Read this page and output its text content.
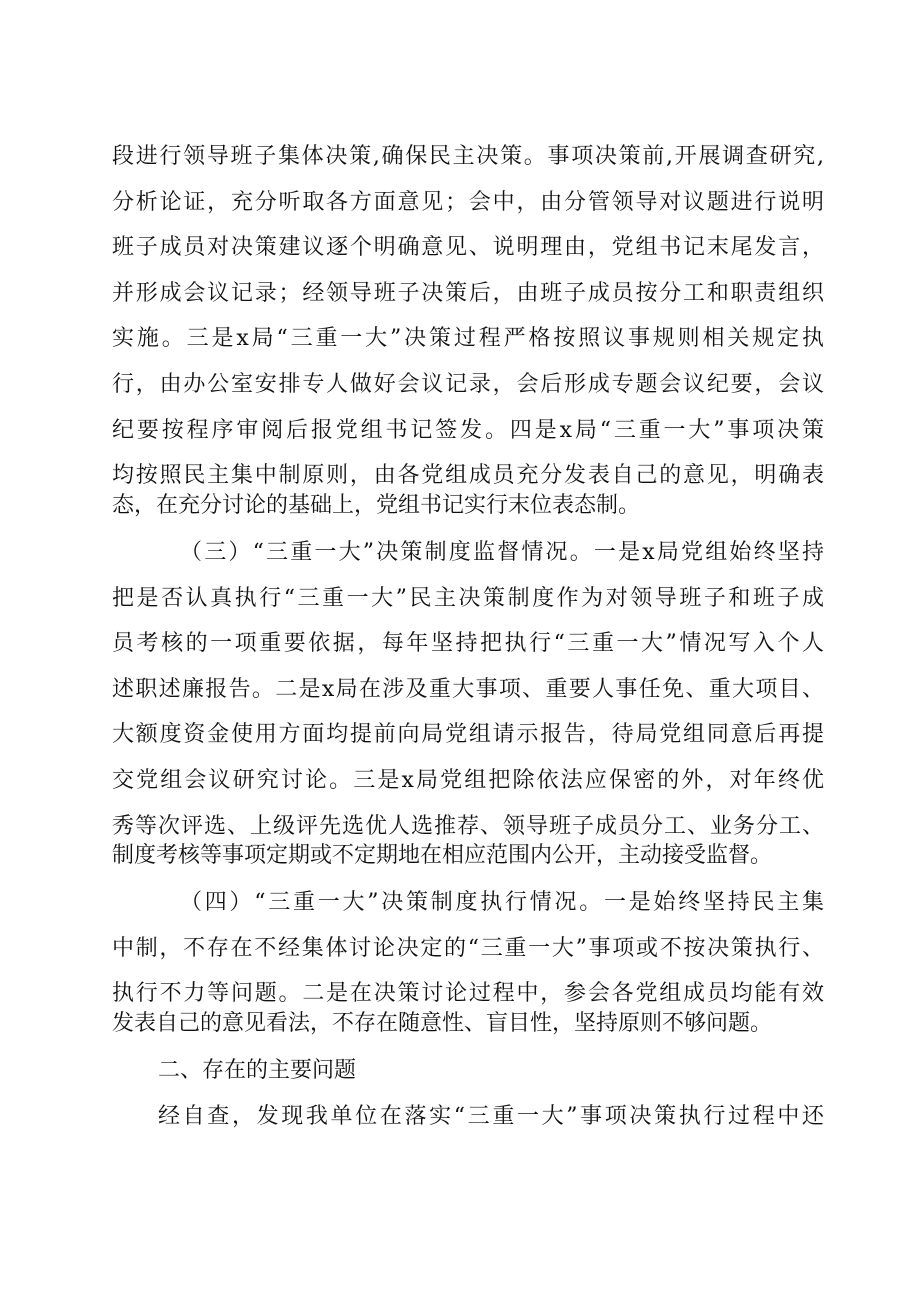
段进行领导班子集体决策,确保民主决策。事项决策前,开展调查研究,
分析论证，充分听取各方面意见；会中，由分管领导对议题进行说明
班子成员对决策建议逐个明确意见、说明理由，党组书记末尾发言，
并形成会议记录；经领导班子决策后，由班子成员按分工和职责组织
实施。三是x局“三重一大”决策过程严格按照议事规则相关规定执
行，由办公室安排专人做好会议记录，会后形成专题会议纪要，会议
纪要按程序审阅后报党组书记签发。四是x局“三重一大”事项决策
均按照民主集中制原则，由各党组成员充分发表自己的意见，明确表
态，在充分讨论的基础上，党组书记实行末位表态制。
（三）“三重一大”决策制度监督情况。一是x局党组始终坚持
把是否认真执行“三重一大”民主决策制度作为对领导班子和班子成
员考核的一项重要依据，每年坚持把执行“三重一大”情况写入个人
述职述廉报告。二是x局在涉及重大事项、重要人事任免、重大项目、
大额度资金使用方面均提前向局党组请示报告，待局党组同意后再提
交党组会议研究讨论。三是x局党组把除依法应保密的外，对年终优
秀等次评选、上级评先选优人选推荐、领导班子成员分工、业务分工、
制度考核等事项定期或不定期地在相应范围内公开，主动接受监督。
（四）“三重一大”决策制度执行情况。一是始终坚持民主集
中制，不存在不经集体讨论决定的“三重一大”事项或不按决策执行、
执行不力等问题。二是在决策讨论过程中，参会各党组成员均能有效
发表自己的意见看法，不存在随意性、盲目性，坚持原则不够问题。
二、存在的主要问题
经自查，发现我单位在落实“三重一大”事项决策执行过程中还
